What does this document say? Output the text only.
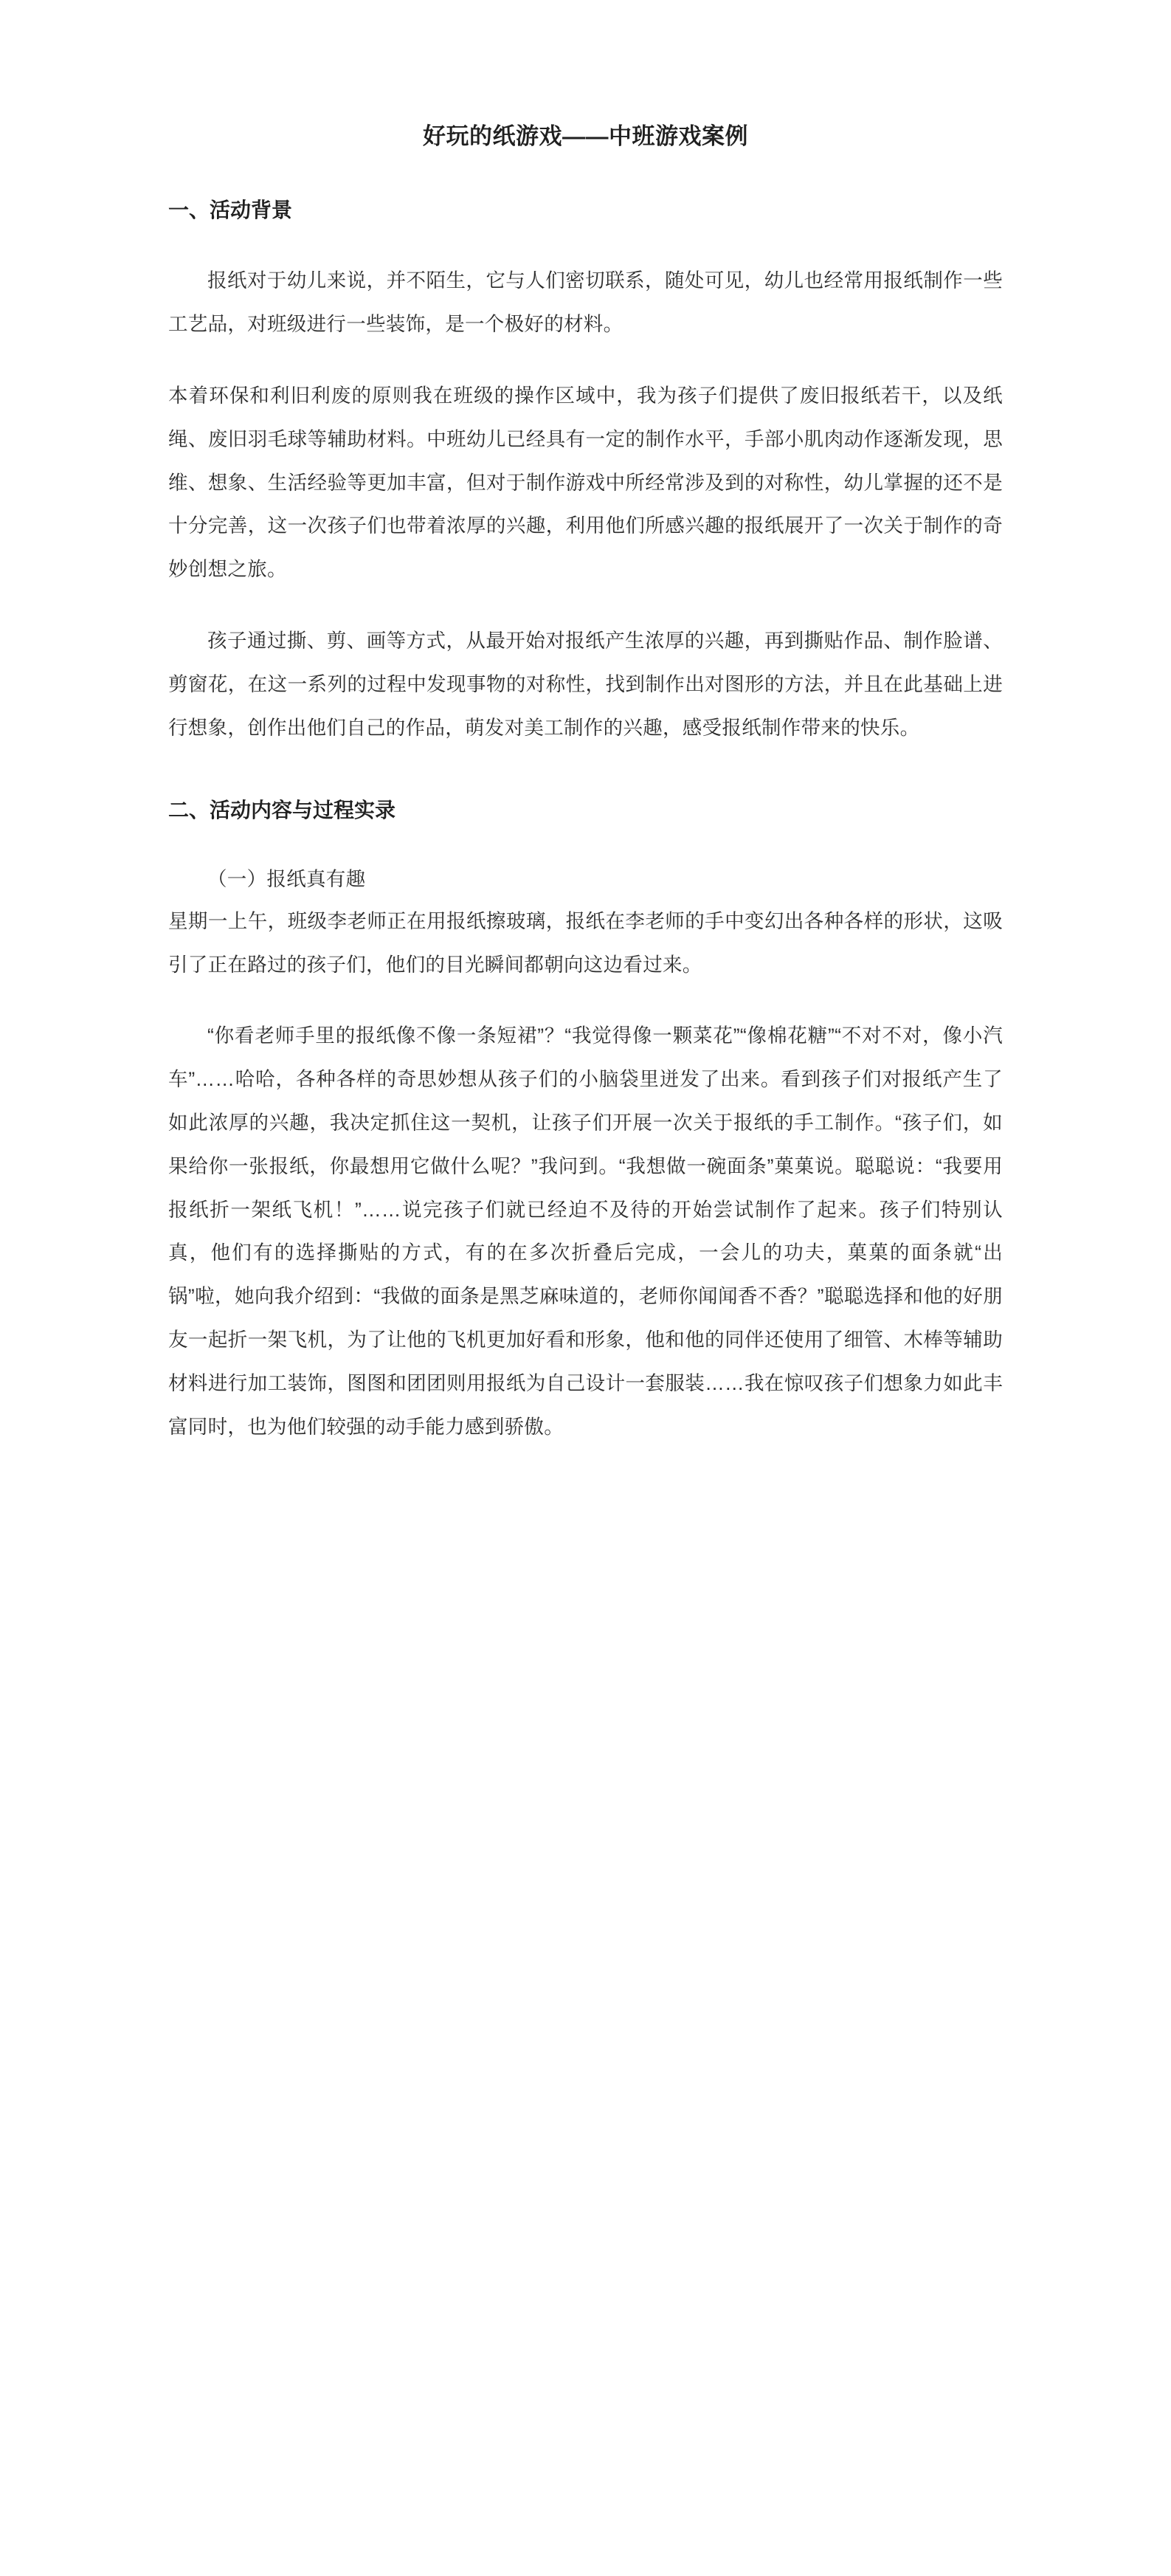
好玩的纸游戏——中班游戏案例
一、活动背景

报纸对于幼儿来说，并不陌生，它与人们密切联系，随处可见，幼儿也经常用报纸制作一些工艺品，对班级进行一些装饰，是一个极好的材料。

本着环保和利旧利废的原则我在班级的操作区域中，我为孩子们提供了废旧报纸若干，以及纸绳、废旧羽毛球等辅助材料。中班幼儿已经具有一定的制作水平，手部小肌肉动作逐渐发现，思维、想象、生活经验等更加丰富，但对于制作游戏中所经常涉及到的对称性，幼儿掌握的还不是十分完善，这一次孩子们也带着浓厚的兴趣，利用他们所感兴趣的报纸展开了一次关于制作的奇妙创想之旅。

孩子通过撕、剪、画等方式，从最开始对报纸产生浓厚的兴趣，再到撕贴作品、制作脸谱、剪窗花，在这一系列的过程中发现事物的对称性，找到制作出对图形的方法，并且在此基础上进行想象，创作出他们自己的作品，萌发对美工制作的兴趣，感受报纸制作带来的快乐。

二、活动内容与过程实录

（一）报纸真有趣

星期一上午，班级李老师正在用报纸擦玻璃，报纸在李老师的手中变幻出各种各样的形状，这吸引了正在路过的孩子们，他们的目光瞬间都朝向这边看过来。

“你看老师手里的报纸像不像一条短裙”？“我觉得像一颗菜花”“像棉花糖”“不对不对，像小汽车”……哈哈，各种各样的奇思妙想从孩子们的小脑袋里迸发了出来。看到孩子们对报纸产生了如此浓厚的兴趣，我决定抓住这一契机，让孩子们开展一次关于报纸的手工制作。“孩子们，如果给你一张报纸，你最想用它做什么呢？”我问到。“我想做一碗面条”菓菓说。聪聪说：“我要用报纸折一架纸飞机！”……说完孩子们就已经迫不及待的开始尝试制作了起来。孩子们特别认真，他们有的选择撕贴的方式，有的在多次折叠后完成，一会儿的功夫，菓菓的面条就“出锅”啦，她向我介绍到：“我做的面条是黑芝麻味道的，老师你闻闻香不香？”聪聪选择和他的好朋友一起折一架飞机，为了让他的飞机更加好看和形象，他和他的同伴还使用了细管、木棒等辅助材料进行加工装饰，图图和团团则用报纸为自己设计一套服装……我在惊叹孩子们想象力如此丰富同时，也为他们较强的动手能力感到骄傲。
